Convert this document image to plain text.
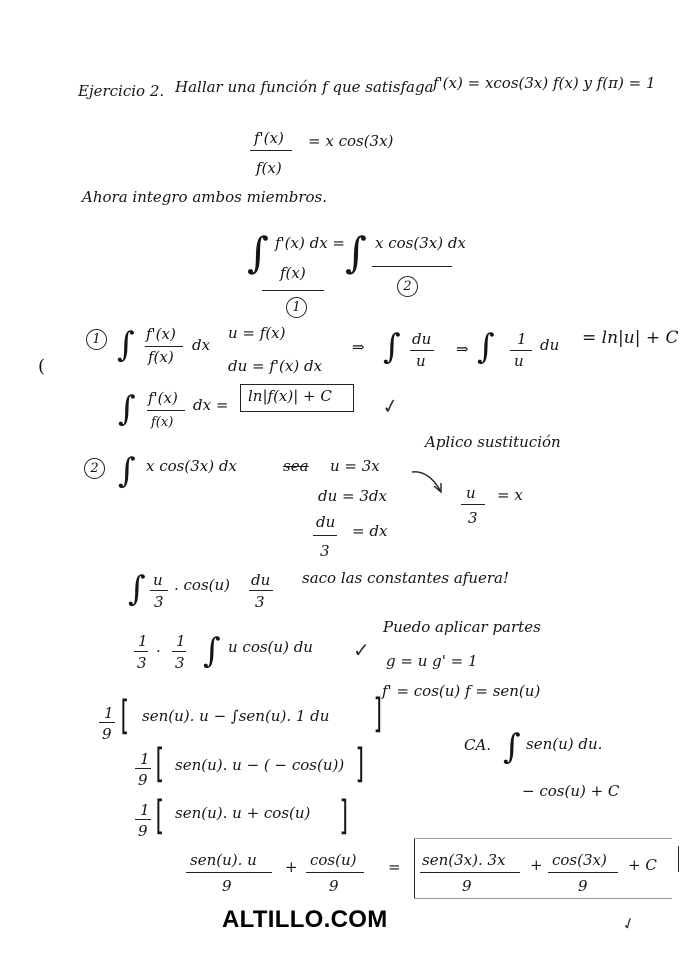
Ejercicio 2. Hallar una función f que satisfaga f'(x) = xcos(3x) f(x) y f(π) = 1
f'(x)
f(x)
= x cos(3x)
Ahora integro ambos miembros.
∫ f'(x) dx =
f(x)
1
∫ x cos(3x) dx
2
1 ∫ f'(x)
f(x)
dx
u = f(x)
du = f'(x) dx
⇒ ∫ du
u
⇒ ∫ 1
u
du = ln|u| + C
∫ f'(x)
f(x)
dx = ln|f(x)| + C ✓
Aplico sustitución
2 ∫ x cos(3x) dx	sea u = 3x
du = 3dx
du
3
= dx
u
3
= x
∫ u
3
. cos(u) du
3
saco las constantes afuera!
Puedo aplicar partes
1
3
. 1
3 ∫ u cos(u) du ✓ g = u g' = 1
f' = cos(u) f = sen(u)
1
9 [ sen(u). u − ∫sen(u). 1 du ]
CA. ∫ sen(u) du.
− cos(u) + C
1
9 [ sen(u). u − ( − cos(u)) ]
1
9 [ sen(u). u + cos(u) ]
sen(u). u
9
+ cos(u)
9
= sen(3x). 3x
9
+ cos(3x)
9
+ C
(
ALTILLO.COM	✓
